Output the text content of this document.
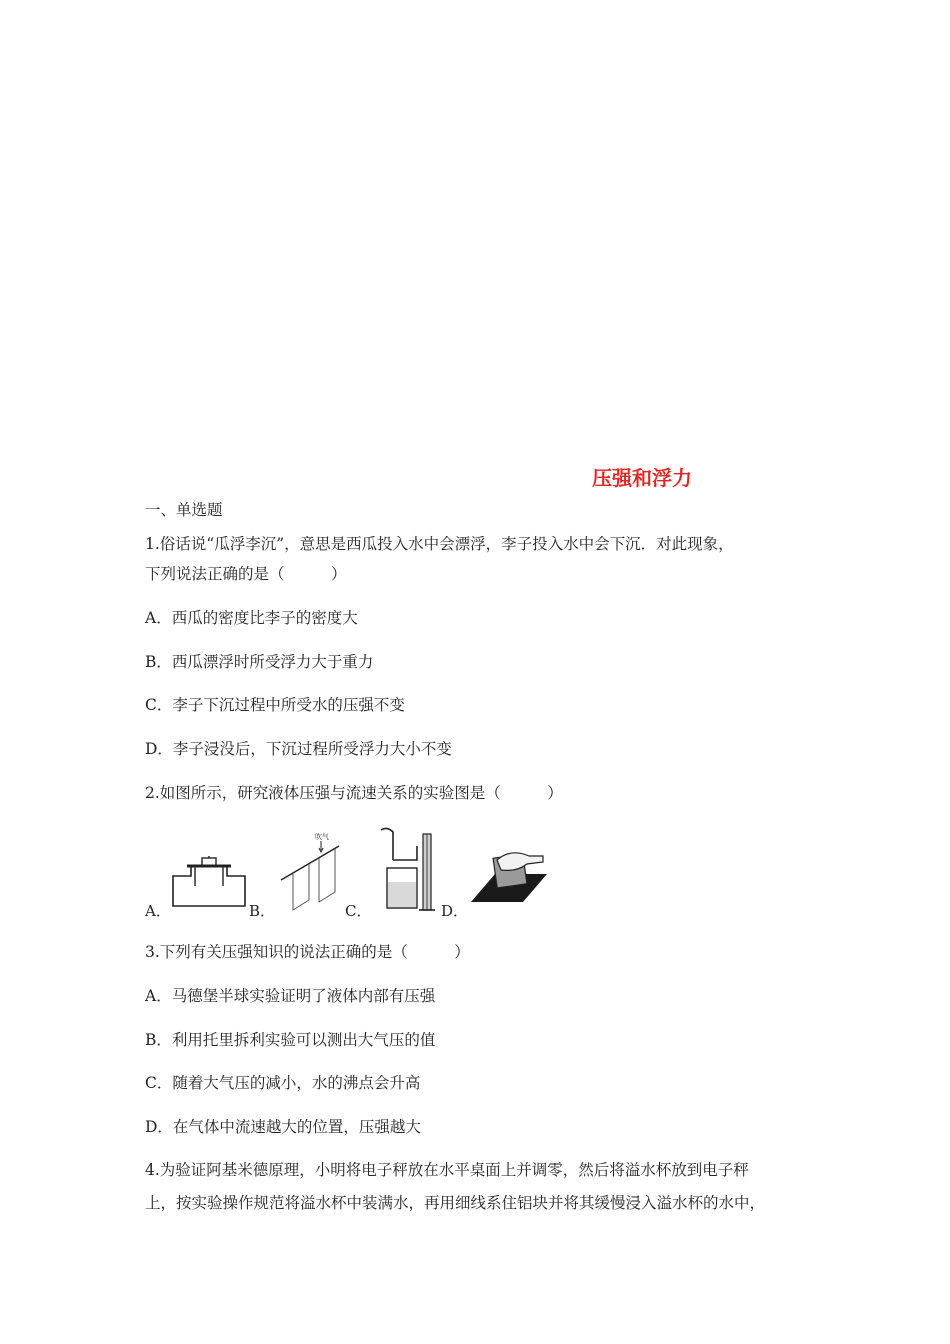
压强和浮力
一、单选题
1.俗话说“瓜浮李沉”，意思是西瓜投入水中会漂浮，李子投入水中会下沉．对此现象，
下列说法正确的是（　　　）
A．西瓜的密度比李子的密度大
B．西瓜漂浮时所受浮力大于重力
C．李子下沉过程中所受水的压强不变
D．李子浸没后，下沉过程所受浮力大小不变
2.如图所示，研究液体压强与流速关系的实验图是（　　　）
A．	B．
吹气
C．	D．
3.下列有关压强知识的说法正确的是（　　　）
A．马德堡半球实验证明了液体内部有压强
B．利用托里拆利实验可以测出大气压的值
C．随着大气压的减小，水的沸点会升高
D．在气体中流速越大的位置，压强越大
4.为验证阿基米德原理，小明将电子秤放在水平桌面上并调零，然后将溢水杯放到电子秤
上，按实验操作规范将溢水杯中装满水，再用细线系住铝块并将其缓慢浸入溢水杯的水中，
